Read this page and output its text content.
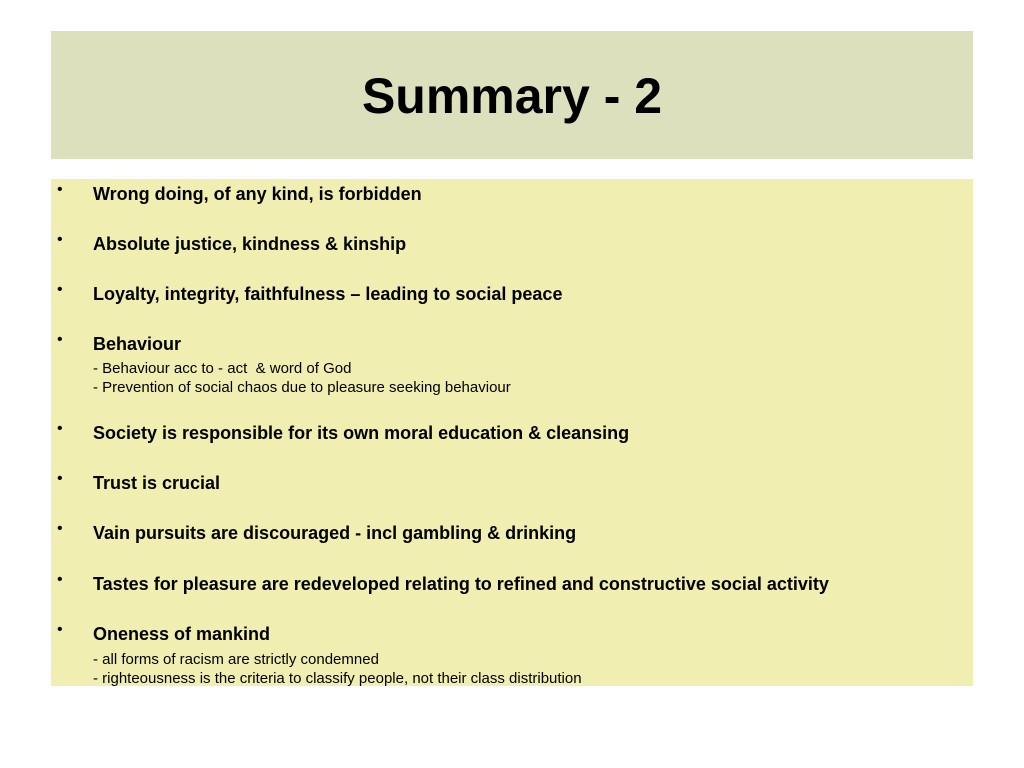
Summary - 2
• Wrong doing, of any kind, is forbidden
• Absolute justice, kindness & kinship
• Loyalty, integrity, faithfulness – leading to social peace
• Behaviour
- Behaviour acc to - act  & word of God
- Prevention of social chaos due to pleasure seeking behaviour
• Society is responsible for its own moral education & cleansing
• Trust is crucial
• Vain pursuits are discouraged - incl gambling & drinking
• Tastes for pleasure are redeveloped relating to refined and constructive social activity
• Oneness of mankind
- all forms of racism are strictly condemned
- righteousness is the criteria to classify people, not their class distribution
